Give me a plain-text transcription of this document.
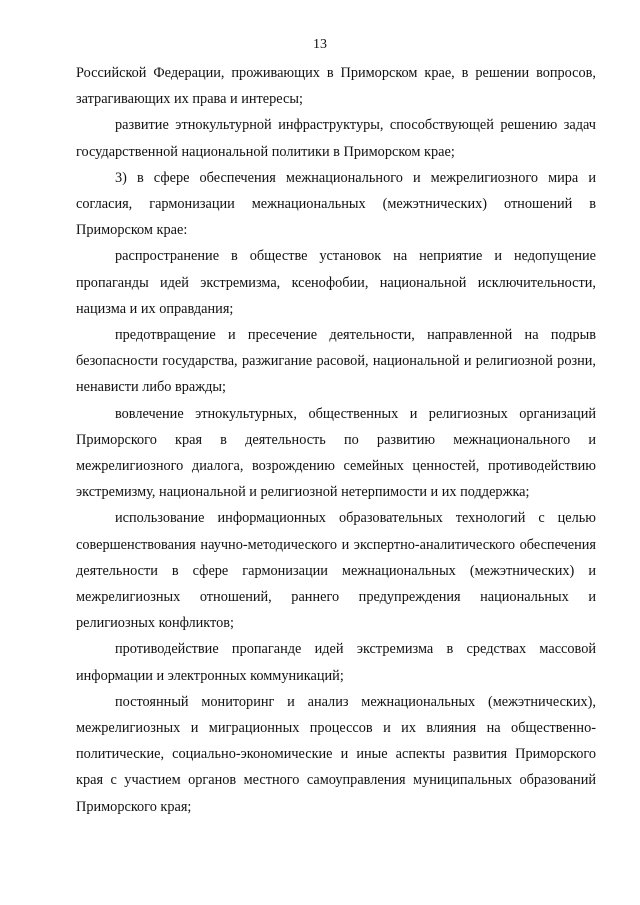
13

Российской Федерации, проживающих в Приморском крае, в решении вопросов, затрагивающих их права и интересы;

развитие этнокультурной инфраструктуры, способствующей решению задач государственной национальной политики в Приморском крае;

3) в сфере обеспечения межнационального и межрелигиозного мира и согласия, гармонизации межнациональных (межэтнических) отношений в Приморском крае:

распространение в обществе установок на неприятие и недопущение пропаганды идей экстремизма, ксенофобии, национальной исключительности, нацизма и их оправдания;

предотвращение и пресечение деятельности, направленной на подрыв безопасности государства, разжигание расовой, национальной и религиозной розни, ненависти либо вражды;

вовлечение этнокультурных, общественных и религиозных организаций Приморского края в деятельность по развитию межнационального и межрелигиозного диалога, возрождению семейных ценностей, противодействию экстремизму, национальной и религиозной нетерпимости и их поддержка;

использование информационных образовательных технологий с целью совершенствования научно-методического и экспертно-аналитического обеспечения деятельности в сфере гармонизации межнациональных (межэтнических) и межрелигиозных отношений, раннего предупреждения национальных и религиозных конфликтов;

противодействие пропаганде идей экстремизма в средствах массовой информации и электронных коммуникаций;

постоянный мониторинг и анализ межнациональных (межэтнических), межрелигиозных и миграционных процессов и их влияния на общественно-политические, социально-экономические и иные аспекты развития Приморского края с участием органов местного самоуправления муниципальных образований Приморского края;
